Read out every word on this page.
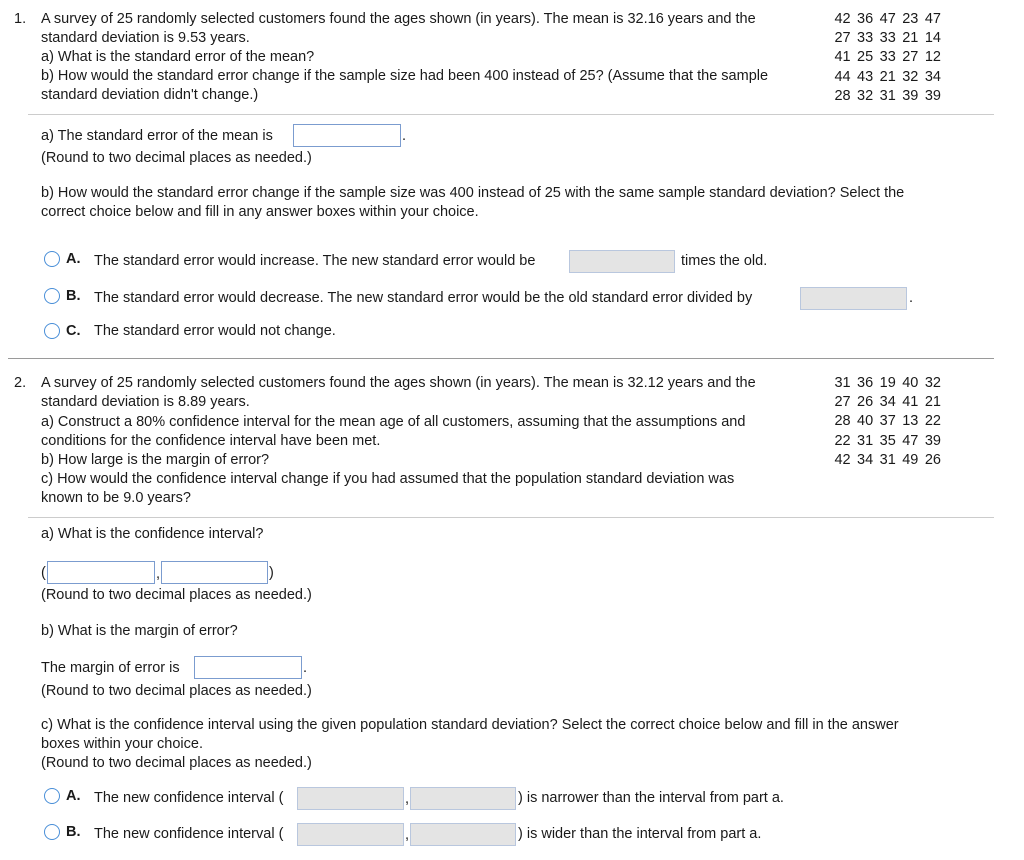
1. A survey of 25 randomly selected customers found the ages shown (in years). The mean is 32.16 years and the
standard deviation is 9.53 years.
a) What is the standard error of the mean?
b) How would the standard error change if the sample size had been 400 instead of 25? (Assume that the sample
standard deviation didn't change.)
42	36	47	23	47
27	33	33	21	14
41	25	33	27	12
44	43	21	32	34
28	32	31	39	39
a) The standard error of the mean is	.
(Round to two decimal places as needed.)
b) How would the standard error change if the sample size was 400 instead of 25 with the same sample standard deviation? Select the
correct choice below and fill in any answer boxes within your choice.
A. The standard error would increase. The new standard error would be	times the old.
B. The standard error would decrease. The new standard error would be the old standard error divided by	.
C. The standard error would not change.
2. A survey of 25 randomly selected customers found the ages shown (in years). The mean is 32.12 years and the
standard deviation is 8.89 years.
a) Construct a 80% confidence interval for the mean age of all customers, assuming that the assumptions and
conditions for the confidence interval have been met.
b) How large is the margin of error?
c) How would the confidence interval change if you had assumed that the population standard deviation was
known to be 9.0 years?
31	36	19	40	32
27	26	34	41	21
28	40	37	13	22
22	31	35	47	39
42	34	31	49	26
a) What is the confidence interval?
(	,	)
(Round to two decimal places as needed.)
b) What is the margin of error?
The margin of error is	.
(Round to two decimal places as needed.)
c) What is the confidence interval using the given population standard deviation? Select the correct choice below and fill in the answer
boxes within your choice.
(Round to two decimal places as needed.)
A. The new confidence interval (	,	) is narrower than the interval from part a.
B. The new confidence interval (	,	) is wider than the interval from part a.
